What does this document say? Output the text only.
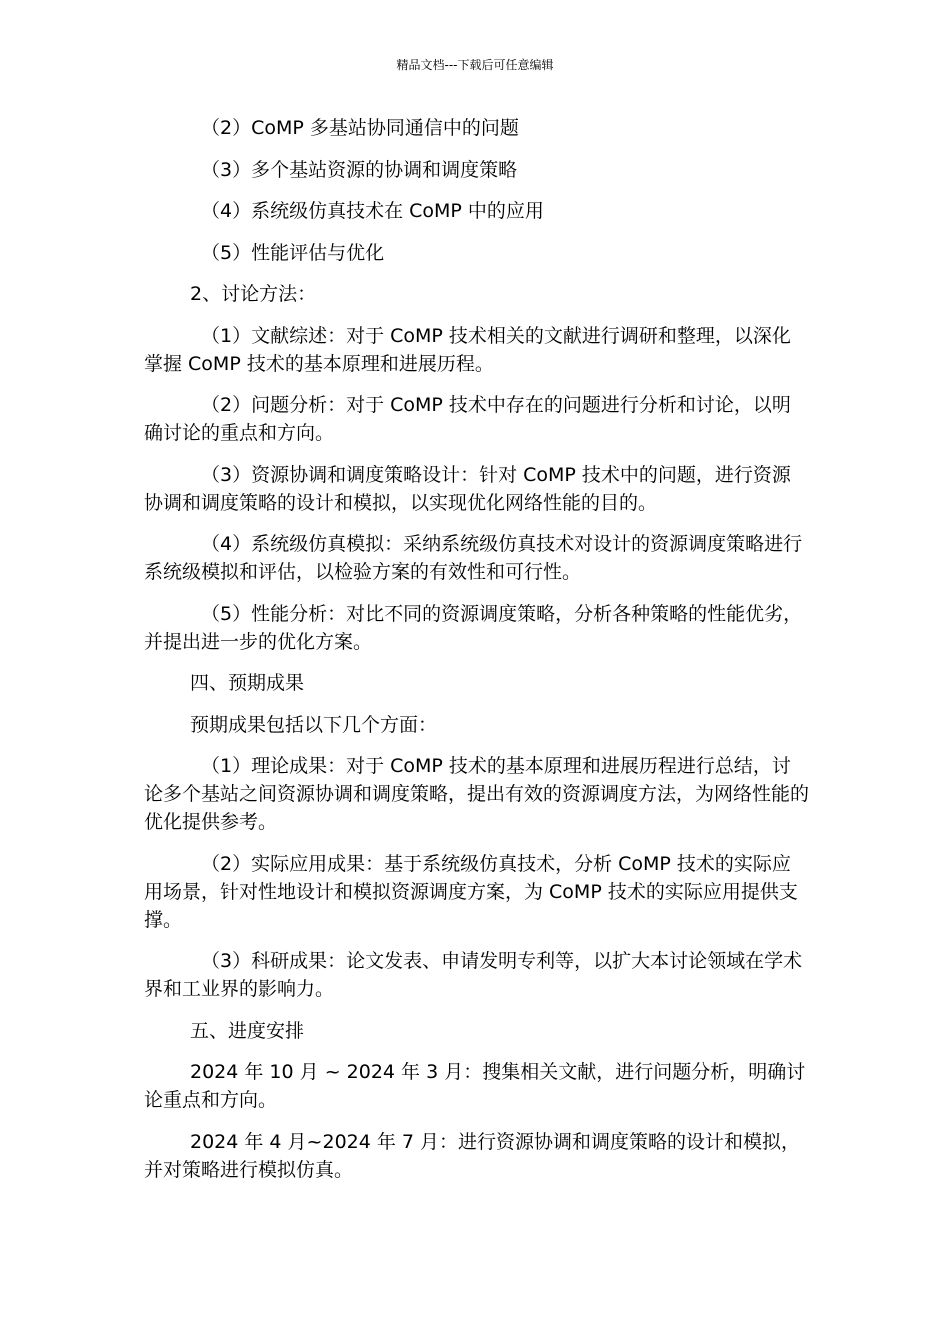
精品文档---下载后可任意编辑

（2）CoMP 多基站协同通信中的问题

（3）多个基站资源的协调和调度策略

（4）系统级仿真技术在 CoMP 中的应用

（5）性能评估与优化

2、讨论方法：

（1）文献综述：对于 CoMP 技术相关的文献进行调研和整理，以深化掌握 CoMP 技术的基本原理和进展历程。

（2）问题分析：对于 CoMP 技术中存在的问题进行分析和讨论，以明确讨论的重点和方向。

（3）资源协调和调度策略设计：针对 CoMP 技术中的问题，进行资源协调和调度策略的设计和模拟，以实现优化网络性能的目的。

（4）系统级仿真模拟：采纳系统级仿真技术对设计的资源调度策略进行系统级模拟和评估，以检验方案的有效性和可行性。

（5）性能分析：对比不同的资源调度策略，分析各种策略的性能优劣，并提出进一步的优化方案。

四、预期成果

预期成果包括以下几个方面：

（1）理论成果：对于 CoMP 技术的基本原理和进展历程进行总结，讨论多个基站之间资源协调和调度策略，提出有效的资源调度方法，为网络性能的优化提供参考。

（2）实际应用成果：基于系统级仿真技术，分析 CoMP 技术的实际应用场景，针对性地设计和模拟资源调度方案，为 CoMP 技术的实际应用提供支撑。

（3）科研成果：论文发表、申请发明专利等，以扩大本讨论领域在学术界和工业界的影响力。

五、进度安排

2024 年 10 月 ~ 2024 年 3 月：搜集相关文献，进行问题分析，明确讨论重点和方向。

2024 年 4 月~2024 年 7 月：进行资源协调和调度策略的设计和模拟，并对策略进行模拟仿真。
